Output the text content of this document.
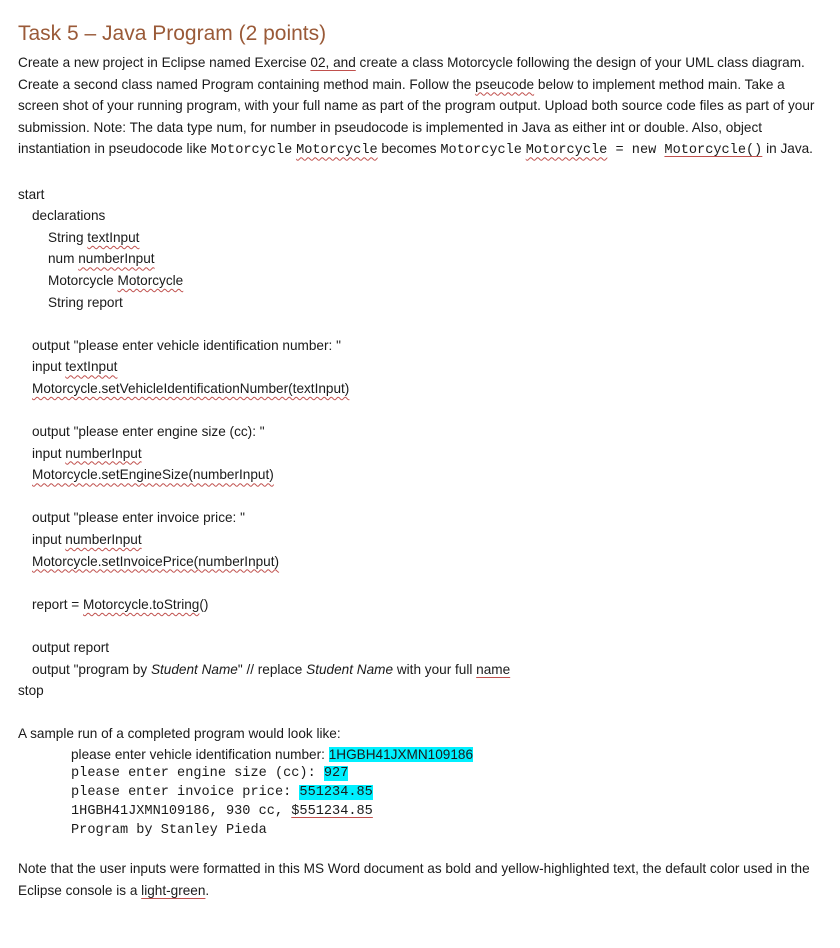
Task 5 – Java Program (2 points)

Create a new project in Eclipse named Exercise 02, and create a class Motorcycle following the design of your UML class diagram. Create a second class named Program containing method main. Follow the pseucode below to implement method main. Take a screen shot of your running program, with your full name as part of the program output. Upload both source code files as part of your submission. Note: The data type num, for number in pseudocode is implemented in Java as either int or double. Also, object instantiation in pseudocode like Motorcycle Motorcycle becomes Motorcycle Motorcycle = new Motorcycle() in Java.

start
declarations
String textInput
num numberInput
Motorcycle Motorcycle
String report
output "please enter vehicle identification number: "
input textInput
Motorcycle.setVehicleIdentificationNumber(textInput)
output "please enter engine size (cc): "
input numberInput
Motorcycle.setEngineSize(numberInput)
output "please enter invoice price: "
input numberInput
Motorcycle.setInvoicePrice(numberInput)
report = Motorcycle.toString()
output report
output "program by Student Name" // replace Student Name with your full name
stop
A sample run of a completed program would look like:
please enter vehicle identification number: 1HGBH41JXMN109186
please enter engine size (cc): 927
please enter invoice price: 551234.85
1HGBH41JXMN109186, 930 cc, $551234.85
Program by Stanley Pieda

Note that the user inputs were formatted in this MS Word document as bold and yellow-highlighted text, the default color used in the Eclipse console is a light-green.
